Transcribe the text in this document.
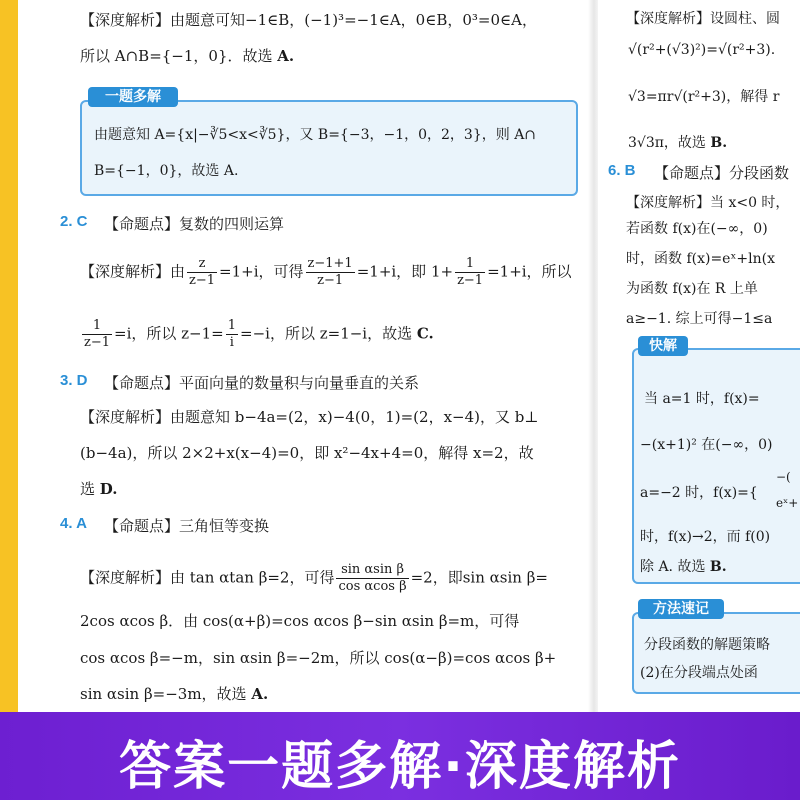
【深度解析】由题意可知−1∈B，(−1)³=−1∈A，0∈B，0³=0∈A，
所以 A∩B={−1，0}．故选 A.
一题多解
由题意知 A={x|−∛5<x<∛5}，又 B={−3，−1，0，2，3}，则 A∩
B={−1，0}，故选 A.
2. C 【命题点】复数的四则运算
【深度解析】由 $\frac{z}{z-1} =1+i$，可得 $\frac{z-1+1}{z-1} =1+i$，即 $1+ \frac{1}{z-1} =1+i$，所以
$\frac{1}{z-1} =i$，所以 $z-1= \frac{1}{i} =-i$，所以 z=1−i，故选 C.
3. D 【命题点】平面向量的数量积与向量垂直的关系
【深度解析】由题意知 b−4a=(2，x)−4(0，1)=(2，x−4)，又 b⊥
(b−4a)，所以 2×2+x(x−4)=0，即 x²−4x+4=0，解得 x=2，故
选 D.
4. A 【命题点】三角恒等变换
【深度解析】由 tan αtan β=2，可得 $\frac{\text{sin αsin β}}{\text{cos αcos β}} =2$，即sin αsin β=
2cos αcos β．由 cos(α+β)=cos αcos β−sin αsin β=m，可得
cos αcos β=−m，sin αsin β=−2m，所以 cos(α−β)=cos αcos β+
sin αsin β=−3m，故选 A.
【深度解析】设圆柱、圆
√(r²+(√3)²)=√(r²+3).
√3=πr√(r²+3)，解得 r
3√3π，故选 B.
6. B 【命题点】分段函数
【深度解析】当 x<0 时，
若函数 f(x)在(−∞，0)
时，函数 f(x)=eˣ+ln(x
为函数 f(x)在 R 上单
a≥−1. 综上可得−1≤a
快解
当 a=1 时，f(x)=
−(x+1)² 在(−∞，0)
a=−2 时，f(x)={
−(
eˣ+
时，f(x)→2，而 f(0)
除 A. 故选 B.
方法速记
分段函数的解题策略
(2)在分段端点处函
答案一题多解·深度解析
